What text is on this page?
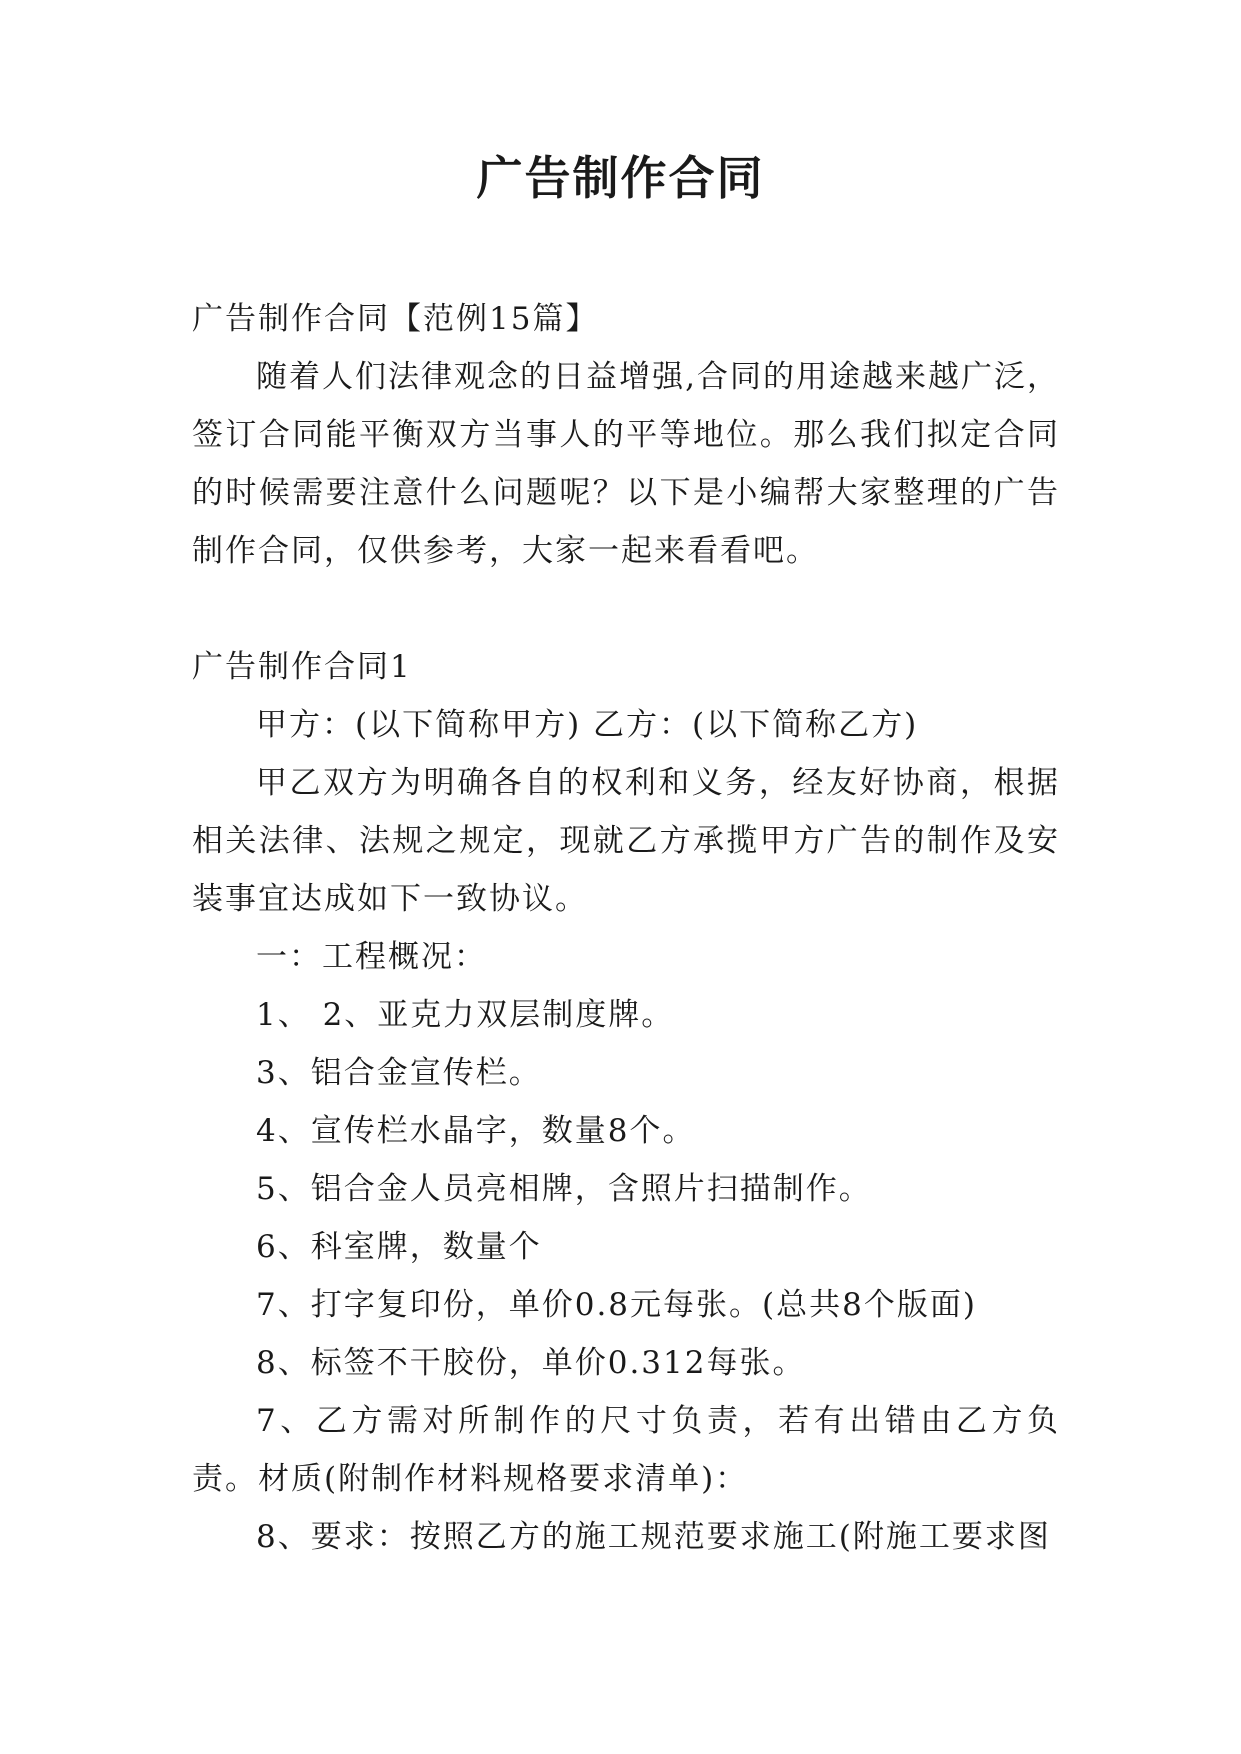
广告制作合同

广告制作合同【范例15篇】

随着人们法律观念的日益增强,合同的用途越来越广泛，签订合同能平衡双方当事人的平等地位。那么我们拟定合同的时候需要注意什么问题呢？以下是小编帮大家整理的广告制作合同，仅供参考，大家一起来看看吧。

广告制作合同1

甲方：(以下简称甲方) 乙方：(以下简称乙方)

甲乙双方为明确各自的权利和义务，经友好协商，根据相关法律、法规之规定，现就乙方承揽甲方广告的制作及安装事宜达成如下一致协议。

一：工程概况：

1、 2、亚克力双层制度牌。

3、铝合金宣传栏。

4、宣传栏水晶字，数量8个。

5、铝合金人员亮相牌，含照片扫描制作。

6、科室牌，数量个

7、打字复印份，单价0.8元每张。(总共8个版面)

8、标签不干胶份，单价0.312每张。

7、乙方需对所制作的尺寸负责，若有出错由乙方负责。材质(附制作材料规格要求清单)：

8、要求：按照乙方的施工规范要求施工(附施工要求图
